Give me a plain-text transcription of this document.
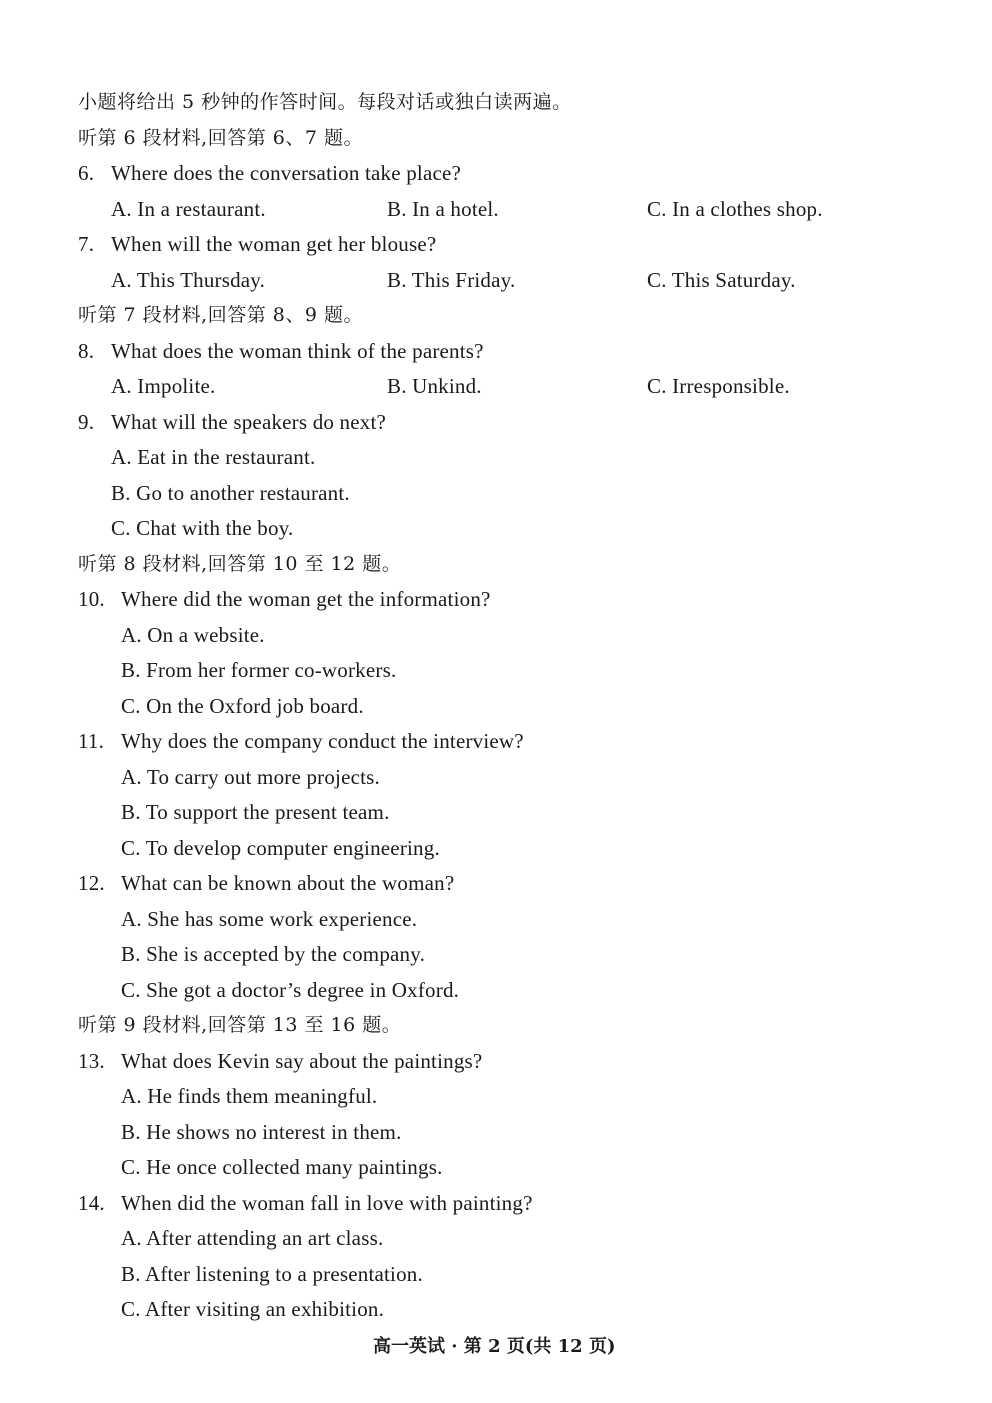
小题将给出 5 秒钟的作答时间。每段对话或独白读两遍。
听第 6 段材料,回答第 6、7 题。
6. Where does the conversation take place?
A. In a restaurant.	B. In a hotel.	C. In a clothes shop.
7. When will the woman get her blouse?
A. This Thursday.	B. This Friday.	C. This Saturday.
听第 7 段材料,回答第 8、9 题。
8. What does the woman think of the parents?
A. Impolite.	B. Unkind.	C. Irresponsible.
9. What will the speakers do next?
A. Eat in the restaurant.
B. Go to another restaurant.
C. Chat with the boy.
听第 8 段材料,回答第 10 至 12 题。
10. Where did the woman get the information?
A. On a website.
B. From her former co-workers.
C. On the Oxford job board.
11. Why does the company conduct the interview?
A. To carry out more projects.
B. To support the present team.
C. To develop computer engineering.
12. What can be known about the woman?
A. She has some work experience.
B. She is accepted by the company.
C. She got a doctor’s degree in Oxford.
听第 9 段材料,回答第 13 至 16 题。
13. What does Kevin say about the paintings?
A. He finds them meaningful.
B. He shows no interest in them.
C. He once collected many paintings.
14. When did the woman fall in love with painting?
A. After attending an art class.
B. After listening to a presentation.
C. After visiting an exhibition.
高一英试 · 第 2 页(共 12 页)
